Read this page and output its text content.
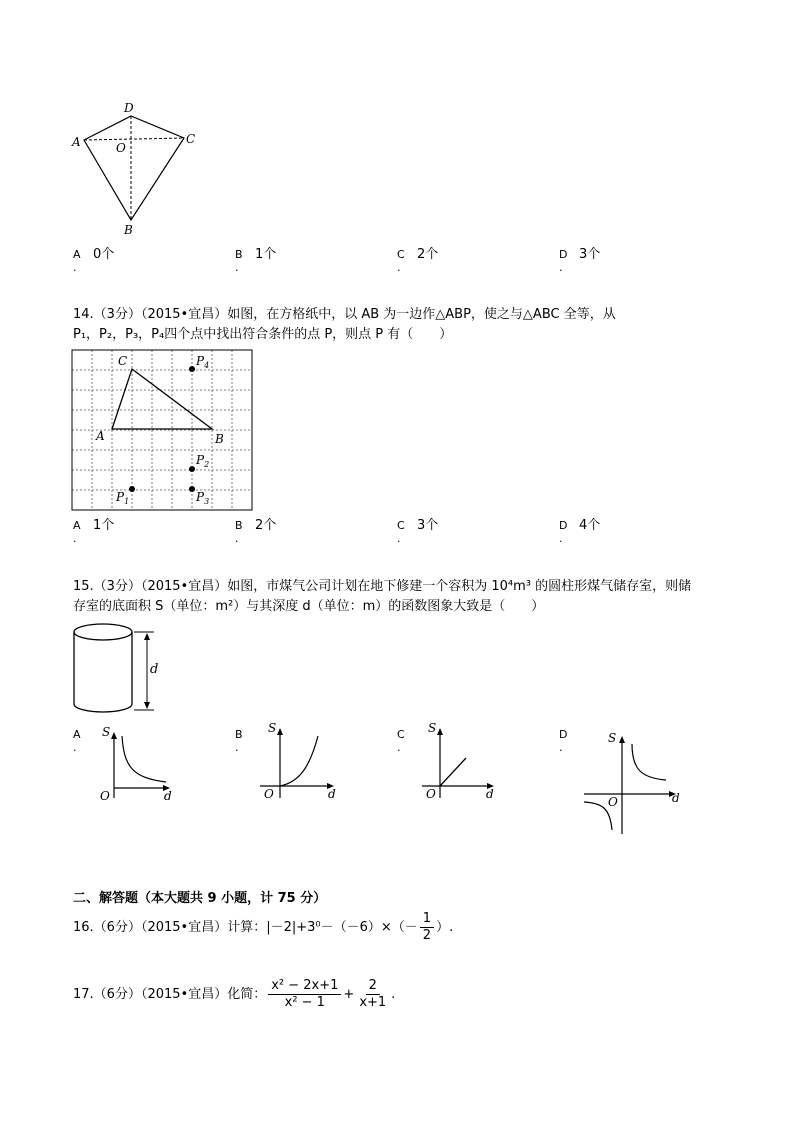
D
A	O
C
B
A
.
0个	B
.
1个	C
.
2个	D
.
3个
14.（3分）（2015•宜昌）如图，在方格纸中，以 AB 为一边作△ABP，使之与△ABC 全等，从
P₁，P₂，P₃，P₄四个点中找出符合条件的点 P，则点 P 有（　　）
C
A	B
$P_4$
$P_2$
$P_1$	$P_3$
A
.
1个	B
.
2个	C
.
3个	D
.
4个
15.（3分）（2015•宜昌）如图，市煤气公司计划在地下修建一个容积为 10⁴m³ 的圆柱形煤气储存室，则储
存室的底面积 S（单位：m²）与其深度 d（单位：m）的函数图象大致是（　　）
d
A
.
B
.
C
.
D
.
S
O	d
S
O	d
S
O	d
S
O	d
二、解答题（本大题共 9 小题，计 75 分）
16.（6分）（2015•宜昌）计算：$|-2|+3^0-(-6)\times(- \frac{1}{2}$ ）.
17.（6分）（2015•宜昌）化简： $\frac{\text{x² − 2x+1}}{\text{x² − 1}} + \frac{2}{x+1}$ .
